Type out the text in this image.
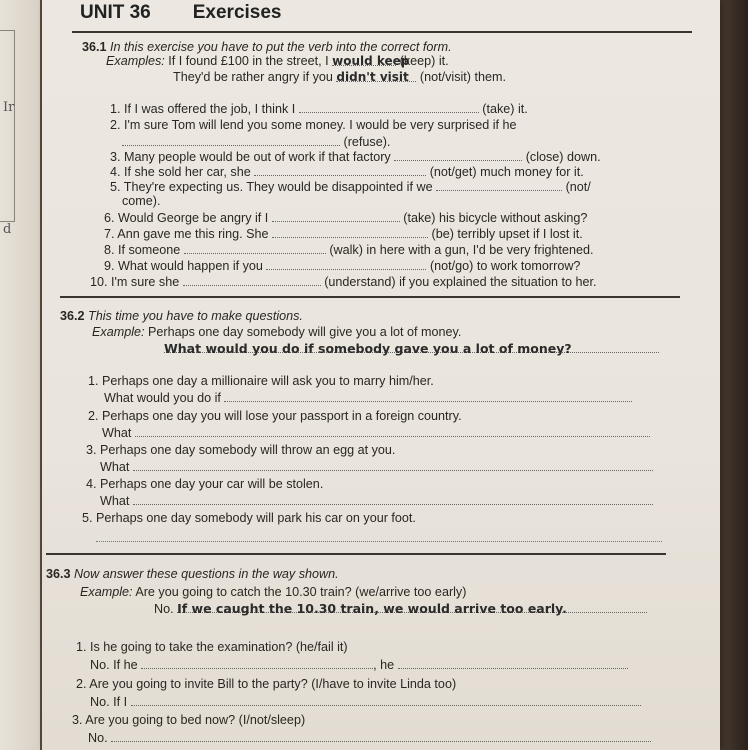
Ir
d
UNIT 36 Exercises
36.1 In this exercise you have to put the verb into the correct form.
Examples: If I found £100 in the street, I would keep (keep) it.
They'd be rather angry if you didn't visit (not/visit) them.
1. If I was offered the job, I think I	(take) it.
2. I'm sure Tom will lend you some money. I would be very surprised if he
(refuse).
3. Many people would be out of work if that factory	(close) down.
4. If she sold her car, she	(not/get) much money for it.
5. They're expecting us. They would be disappointed if we	(not/
come).
6. Would George be angry if I	(take) his bicycle without asking?
7. Ann gave me this ring. She	(be) terribly upset if I lost it.
8. If someone	(walk) in here with a gun, I'd be very frightened.
9. What would happen if you	(not/go) to work tomorrow?
10. I'm sure she	(understand) if you explained the situation to her.
36.2 This time you have to make questions.
Example: Perhaps one day somebody will give you a lot of money.
What would you do if somebody gave you a lot of money?
1. Perhaps one day a millionaire will ask you to marry him/her.
What would you do if
2. Perhaps one day you will lose your passport in a foreign country.
What
3. Perhaps one day somebody will throw an egg at you.
What
4. Perhaps one day your car will be stolen.
What
5. Perhaps one day somebody will park his car on your foot.
36.3 Now answer these questions in the way shown.
Example: Are you going to catch the 10.30 train? (we/arrive too early)
No. If we caught the 10.30 train, we would arrive too early.
1. Is he going to take the examination? (he/fail it)
No. If he	, he
2. Are you going to invite Bill to the party? (I/have to invite Linda too)
No. If I
3. Are you going to bed now? (I/not/sleep)
No.
